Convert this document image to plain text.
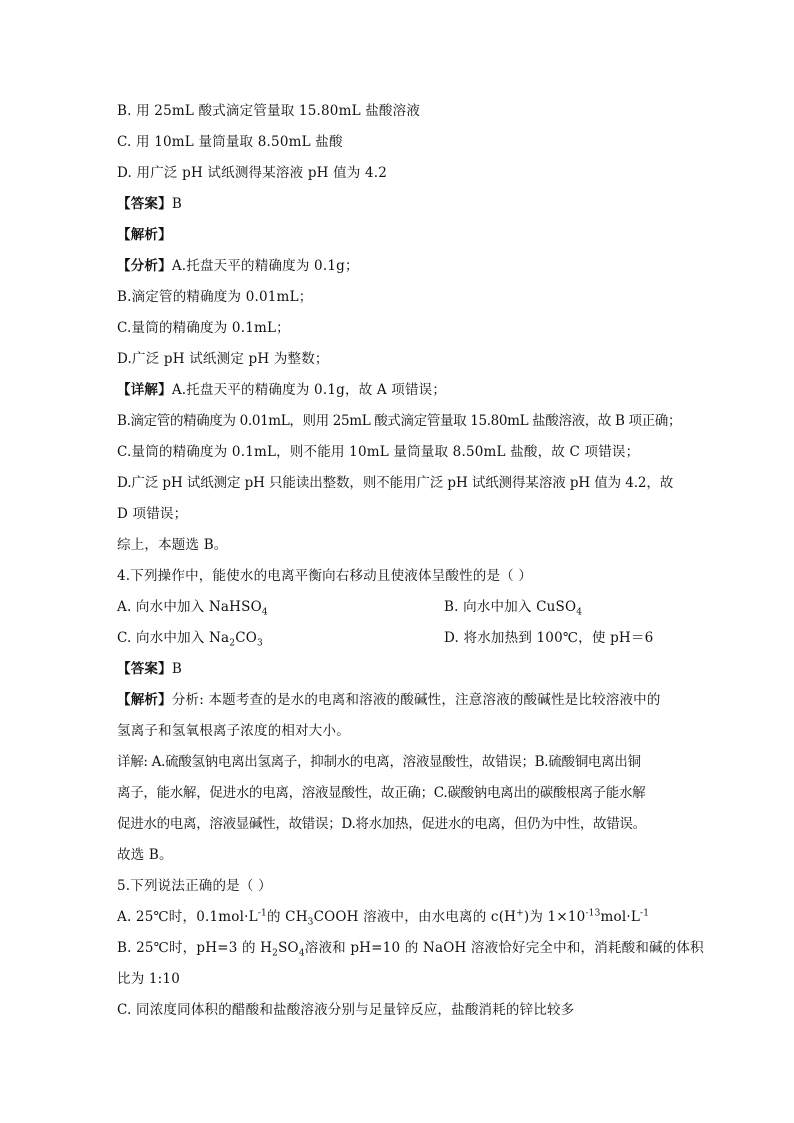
B. 用 25mL 酸式滴定管量取 15.80mL 盐酸溶液
C. 用 10mL 量筒量取 8.50mL 盐酸
D. 用广泛 pH 试纸测得某溶液 pH 值为 4.2
【答案】B
【解析】
【分析】A.托盘天平的精确度为 0.1g；
B.滴定管的精确度为 0.01mL；
C.量筒的精确度为 0.1mL；
D.广泛 pH 试纸测定 pH 为整数；
【详解】A.托盘天平的精确度为 0.1g，故 A 项错误；
B.滴定管的精确度为 0.01mL，则用 25mL 酸式滴定管量取 15.80mL 盐酸溶液，故 B 项正确；
C.量筒的精确度为 0.1mL，则不能用 10mL 量筒量取 8.50mL 盐酸，故 C 项错误；
D.广泛 pH 试纸测定 pH 只能读出整数，则不能用广泛 pH 试纸测得某溶液 pH 值为 4.2，故
D 项错误；
综上，本题选 B。
4.下列操作中，能使水的电离平衡向右移动且使液体呈酸性的是（ ）
A. 向水中加入 NaHSO$_4$	B. 向水中加入 CuSO$_4$
C. 向水中加入 $Na_2CO_3$	D. 将水加热到 100℃，使 pH＝6
【答案】B
【解析】分析: 本题考查的是水的电离和溶液的酸碱性，注意溶液的酸碱性是比较溶液中的
氢离子和氢氧根离子浓度的相对大小。
详解: A.硫酸氢钠电离出氢离子，抑制水的电离，溶液显酸性，故错误；B.硫酸铜电离出铜
离子，能水解，促进水的电离，溶液显酸性，故正确；C.碳酸钠电离出的碳酸根离子能水解
促进水的电离，溶液显碱性，故错误；D.将水加热，促进水的电离，但仍为中性，故错误。
故选 B。
5.下列说法正确的是（ ）
A. 25℃时，$0.1mol\cdot L^{-1}$的 $CH_3COOH$ 溶液中，由水电离的 c(H+)为 $1\times 10^{-13}mol\cdot L^{-1}$
B. 25℃时，pH=3 的 $H_2SO_4$溶液和 pH=10 的 NaOH 溶液恰好完全中和，消耗酸和碱的体积
比为 1:10
C. 同浓度同体积的醋酸和盐酸溶液分别与足量锌反应，盐酸消耗的锌比较多
